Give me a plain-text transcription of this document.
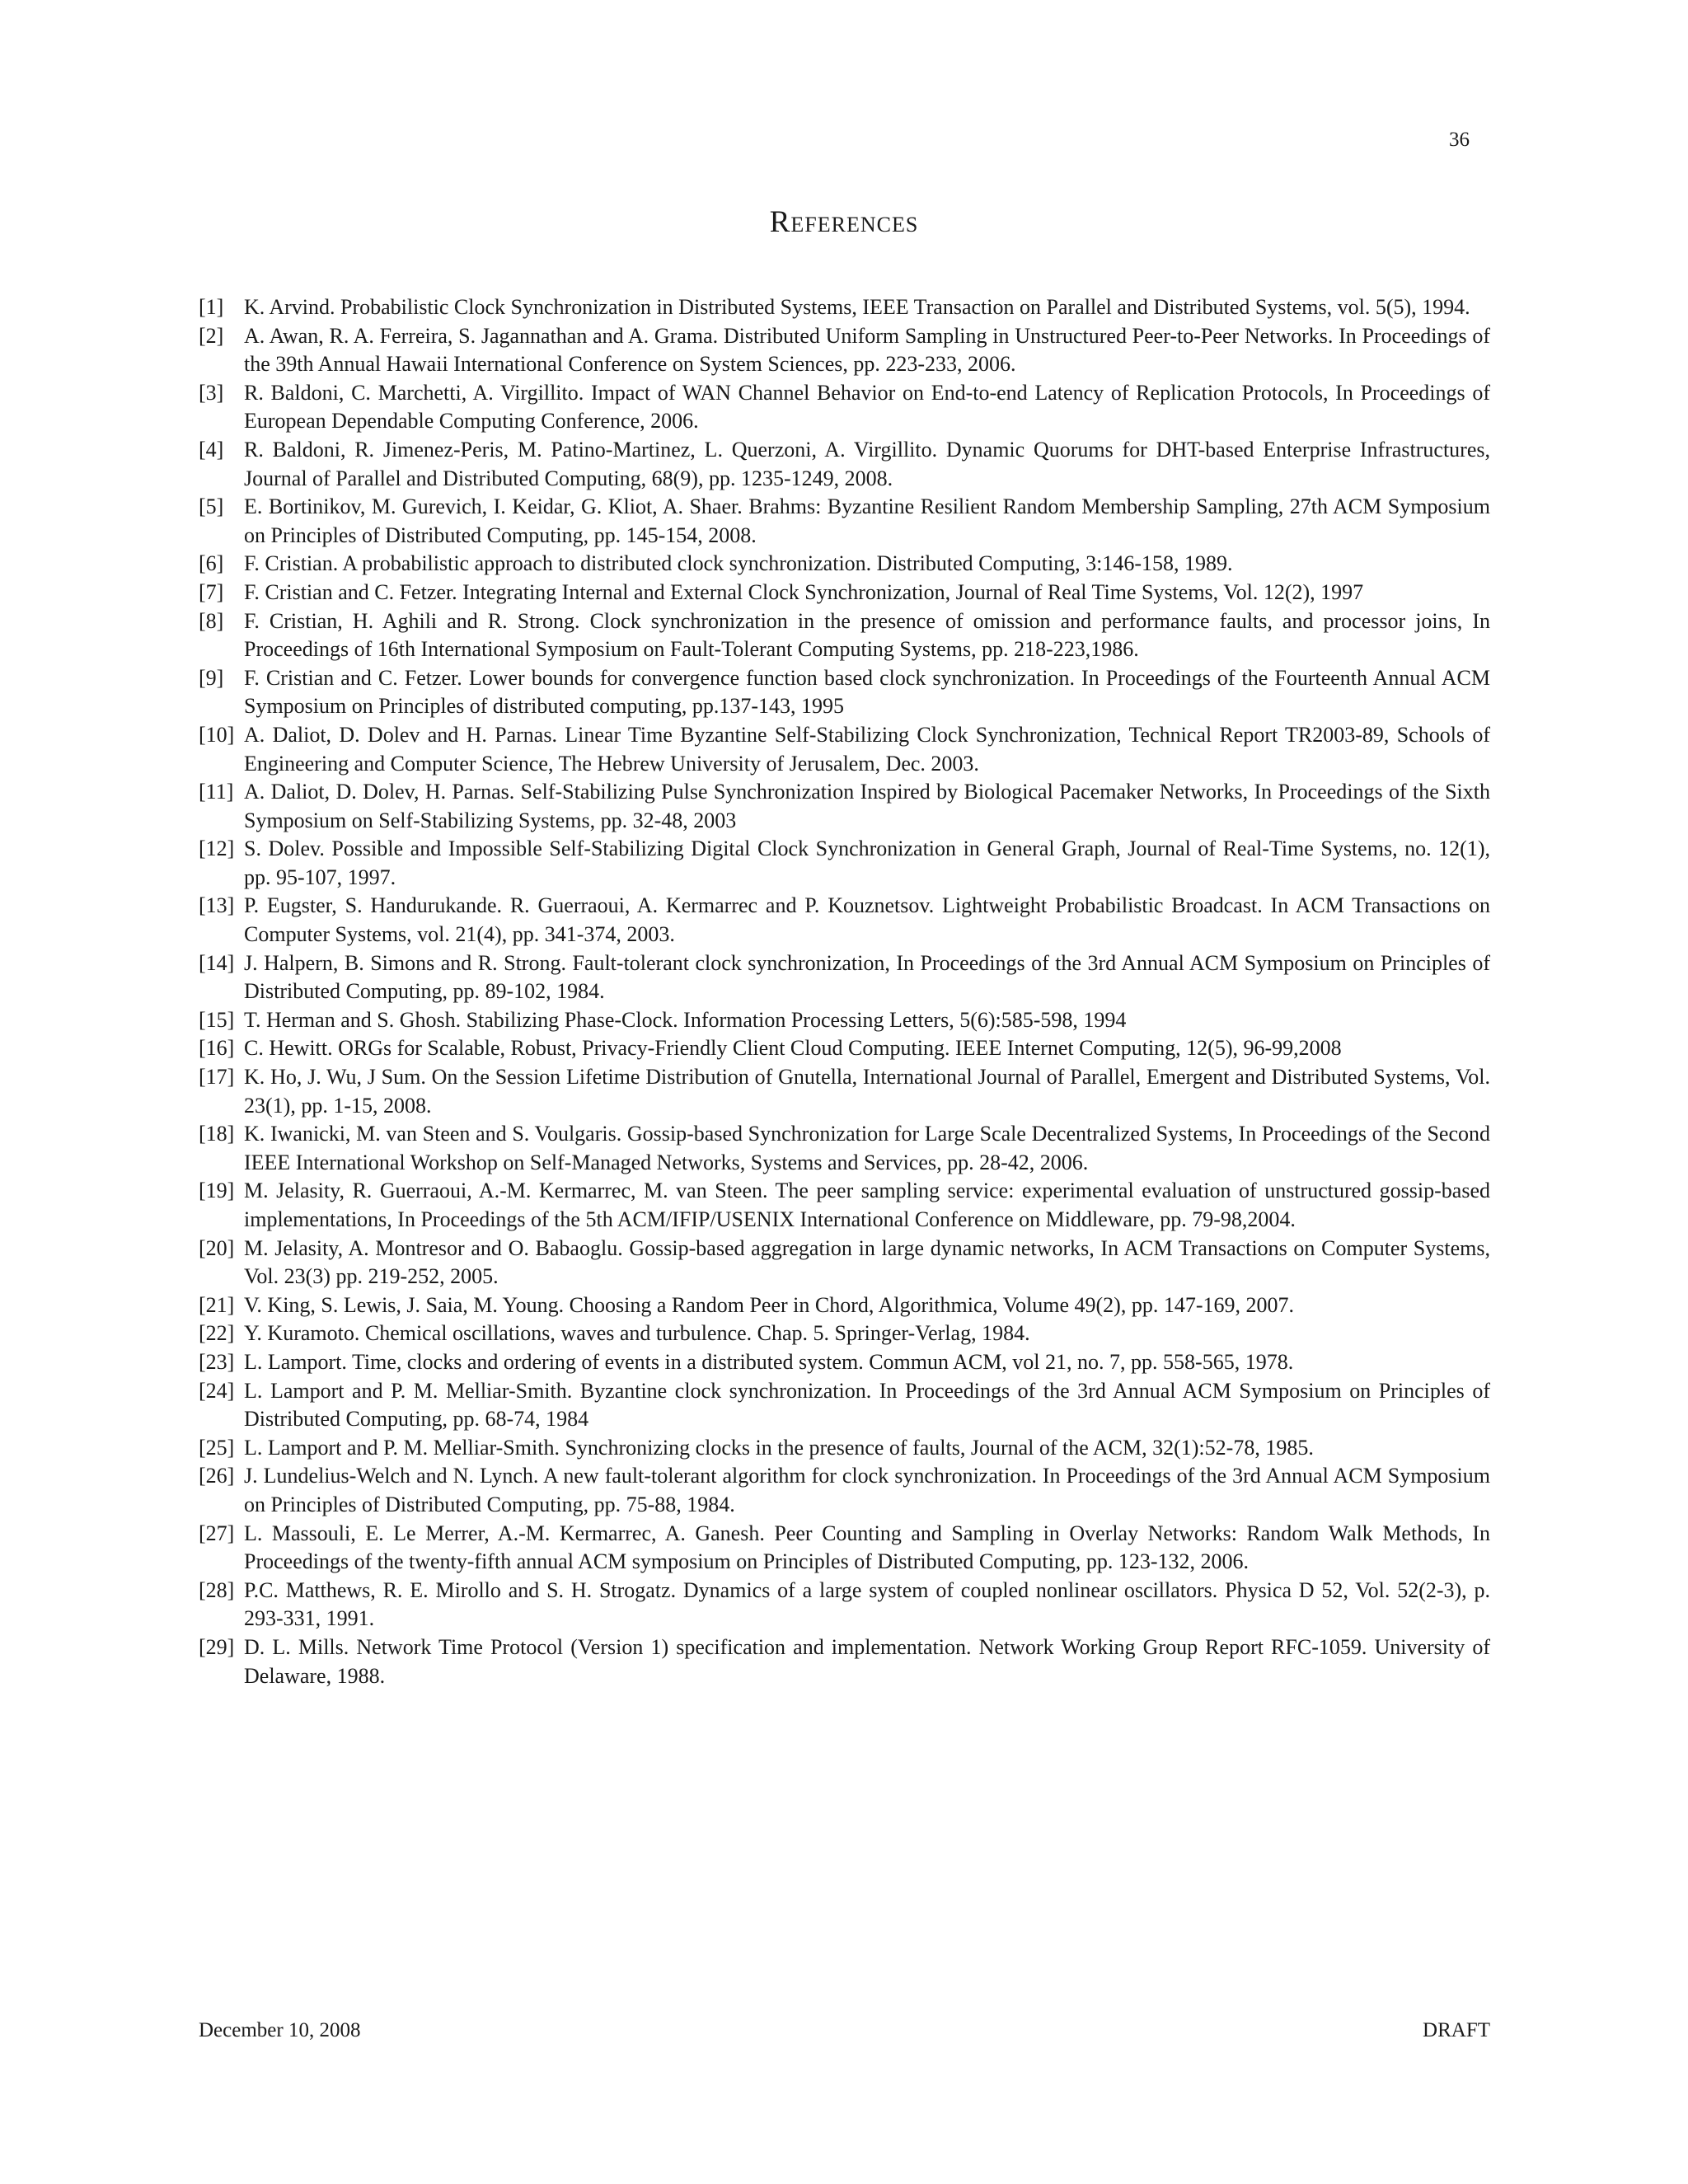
36
References
[1] K. Arvind. Probabilistic Clock Synchronization in Distributed Systems, IEEE Transaction on Parallel and Distributed Systems, vol. 5(5), 1994.
[2] A. Awan, R. A. Ferreira, S. Jagannathan and A. Grama. Distributed Uniform Sampling in Unstructured Peer-to-Peer Networks. In Proceedings of the 39th Annual Hawaii International Conference on System Sciences, pp. 223-233, 2006.
[3] R. Baldoni, C. Marchetti, A. Virgillito. Impact of WAN Channel Behavior on End-to-end Latency of Replication Protocols, In Proceedings of European Dependable Computing Conference, 2006.
[4] R. Baldoni, R. Jimenez-Peris, M. Patino-Martinez, L. Querzoni, A. Virgillito. Dynamic Quorums for DHT-based Enterprise Infrastructures, Journal of Parallel and Distributed Computing, 68(9), pp. 1235-1249, 2008.
[5] E. Bortinikov, M. Gurevich, I. Keidar, G. Kliot, A. Shaer. Brahms: Byzantine Resilient Random Membership Sampling, 27th ACM Symposium on Principles of Distributed Computing, pp. 145-154, 2008.
[6] F. Cristian. A probabilistic approach to distributed clock synchronization. Distributed Computing, 3:146-158, 1989.
[7] F. Cristian and C. Fetzer. Integrating Internal and External Clock Synchronization, Journal of Real Time Systems, Vol. 12(2), 1997
[8] F. Cristian, H. Aghili and R. Strong. Clock synchronization in the presence of omission and performance faults, and processor joins, In Proceedings of 16th International Symposium on Fault-Tolerant Computing Systems, pp. 218-223,1986.
[9] F. Cristian and C. Fetzer. Lower bounds for convergence function based clock synchronization. In Proceedings of the Fourteenth Annual ACM Symposium on Principles of distributed computing, pp.137-143, 1995
[10] A. Daliot, D. Dolev and H. Parnas. Linear Time Byzantine Self-Stabilizing Clock Synchronization, Technical Report TR2003-89, Schools of Engineering and Computer Science, The Hebrew University of Jerusalem, Dec. 2003.
[11] A. Daliot, D. Dolev, H. Parnas. Self-Stabilizing Pulse Synchronization Inspired by Biological Pacemaker Networks, In Proceedings of the Sixth Symposium on Self-Stabilizing Systems, pp. 32-48, 2003
[12] S. Dolev. Possible and Impossible Self-Stabilizing Digital Clock Synchronization in General Graph, Journal of Real-Time Systems, no. 12(1), pp. 95-107, 1997.
[13] P. Eugster, S. Handurukande. R. Guerraoui, A. Kermarrec and P. Kouznetsov. Lightweight Probabilistic Broadcast. In ACM Transactions on Computer Systems, vol. 21(4), pp. 341-374, 2003.
[14] J. Halpern, B. Simons and R. Strong. Fault-tolerant clock synchronization, In Proceedings of the 3rd Annual ACM Symposium on Principles of Distributed Computing, pp. 89-102, 1984.
[15] T. Herman and S. Ghosh. Stabilizing Phase-Clock. Information Processing Letters, 5(6):585-598, 1994
[16] C. Hewitt. ORGs for Scalable, Robust, Privacy-Friendly Client Cloud Computing. IEEE Internet Computing, 12(5), 96-99,2008
[17] K. Ho, J. Wu, J Sum. On the Session Lifetime Distribution of Gnutella, International Journal of Parallel, Emergent and Distributed Systems, Vol. 23(1), pp. 1-15, 2008.
[18] K. Iwanicki, M. van Steen and S. Voulgaris. Gossip-based Synchronization for Large Scale Decentralized Systems, In Proceedings of the Second IEEE International Workshop on Self-Managed Networks, Systems and Services, pp. 28-42, 2006.
[19] M. Jelasity, R. Guerraoui, A.-M. Kermarrec, M. van Steen. The peer sampling service: experimental evaluation of unstructured gossip-based implementations, In Proceedings of the 5th ACM/IFIP/USENIX International Conference on Middleware, pp. 79-98,2004.
[20] M. Jelasity, A. Montresor and O. Babaoglu. Gossip-based aggregation in large dynamic networks, In ACM Transactions on Computer Systems, Vol. 23(3) pp. 219-252, 2005.
[21] V. King, S. Lewis, J. Saia, M. Young. Choosing a Random Peer in Chord, Algorithmica, Volume 49(2), pp. 147-169, 2007.
[22] Y. Kuramoto. Chemical oscillations, waves and turbulence. Chap. 5. Springer-Verlag, 1984.
[23] L. Lamport. Time, clocks and ordering of events in a distributed system. Commun ACM, vol 21, no. 7, pp. 558-565, 1978.
[24] L. Lamport and P. M. Melliar-Smith. Byzantine clock synchronization. In Proceedings of the 3rd Annual ACM Symposium on Principles of Distributed Computing, pp. 68-74, 1984
[25] L. Lamport and P. M. Melliar-Smith. Synchronizing clocks in the presence of faults, Journal of the ACM, 32(1):52-78, 1985.
[26] J. Lundelius-Welch and N. Lynch. A new fault-tolerant algorithm for clock synchronization. In Proceedings of the 3rd Annual ACM Symposium on Principles of Distributed Computing, pp. 75-88, 1984.
[27] L. Massouli, E. Le Merrer, A.-M. Kermarrec, A. Ganesh. Peer Counting and Sampling in Overlay Networks: Random Walk Methods, In Proceedings of the twenty-fifth annual ACM symposium on Principles of Distributed Computing, pp. 123-132, 2006.
[28] P.C. Matthews, R. E. Mirollo and S. H. Strogatz. Dynamics of a large system of coupled nonlinear oscillators. Physica D 52, Vol. 52(2-3), p. 293-331, 1991.
[29] D. L. Mills. Network Time Protocol (Version 1) specification and implementation. Network Working Group Report RFC-1059. University of Delaware, 1988.
December 10, 2008	DRAFT
